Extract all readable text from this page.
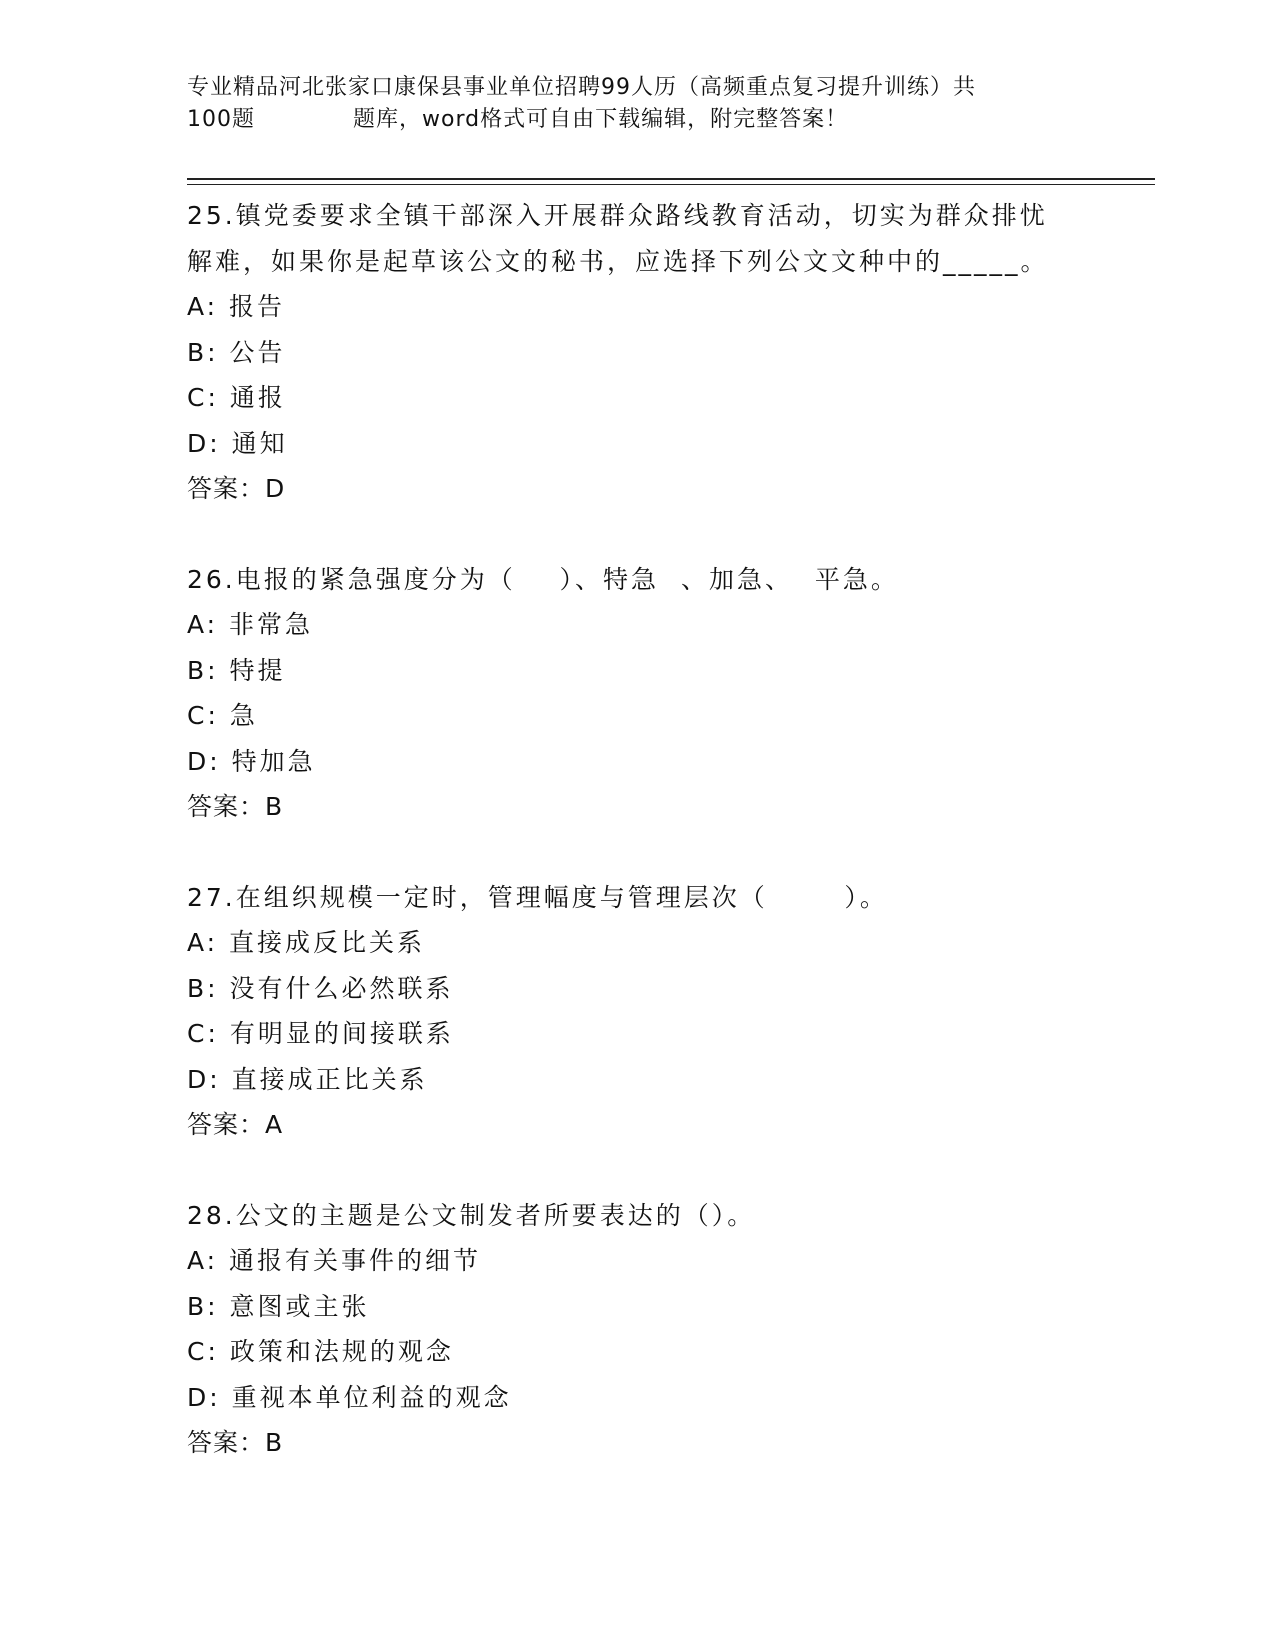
专业精品河北张家口康保县事业单位招聘99人历（高频重点复习提升训练）共
100题	题库，word格式可自由下载编辑，附完整答案！
25.镇党委要求全镇干部深入开展群众路线教育活动，切实为群众排忧
解难，如果你是起草该公文的秘书，应选择下列公文文种中的_____。
A: 报告
B: 公告
C: 通报
D: 通知
答案：D
26.电报的紧急强度分为（    ）、特急  、加急、  平急。
A: 非常急
B: 特提
C: 急
D: 特加急
答案：B
27.在组织规模一定时，管理幅度与管理层次（       ）。
A: 直接成反比关系
B: 没有什么必然联系
C: 有明显的间接联系
D: 直接成正比关系
答案：A
28.公文的主题是公文制发者所要表达的（）。
A: 通报有关事件的细节
B: 意图或主张
C: 政策和法规的观念
D: 重视本单位利益的观念
答案：B
